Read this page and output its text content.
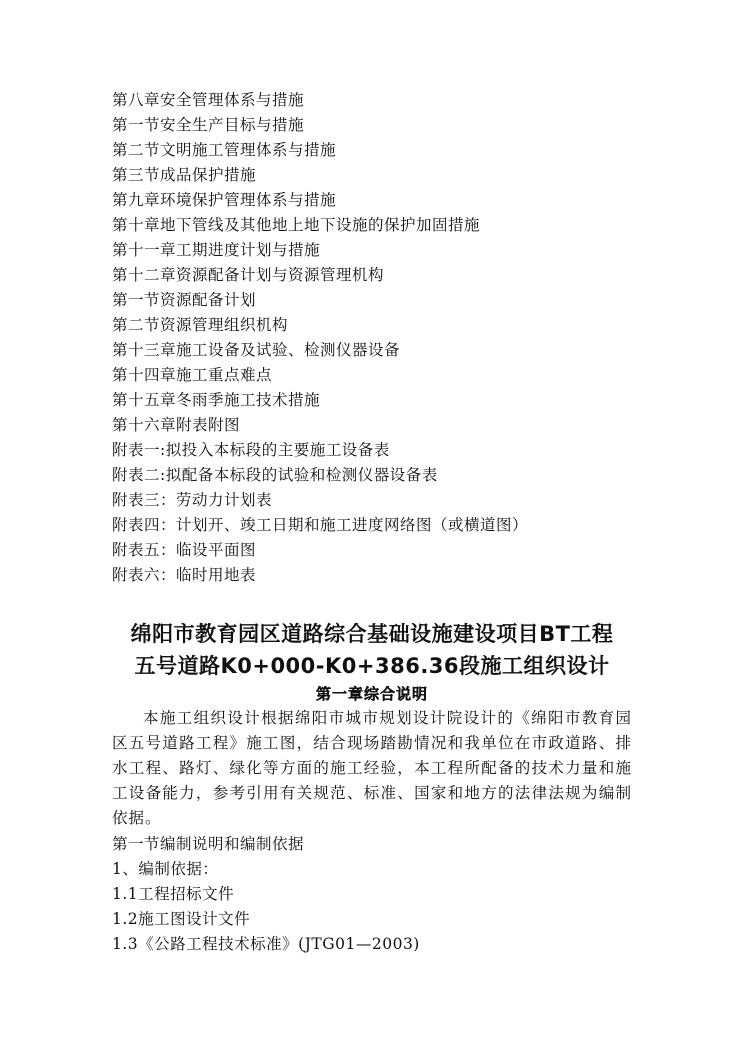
第八章安全管理体系与措施
第一节安全生产目标与措施
第二节文明施工管理体系与措施
第三节成品保护措施
第九章环境保护管理体系与措施
第十章地下管线及其他地上地下设施的保护加固措施
第十一章工期进度计划与措施
第十二章资源配备计划与资源管理机构
第一节资源配备计划
第二节资源管理组织机构
第十三章施工设备及试验、检测仪器设备
第十四章施工重点难点
第十五章冬雨季施工技术措施
第十六章附表附图
附表一:拟投入本标段的主要施工设备表
附表二:拟配备本标段的试验和检测仪器设备表
附表三：劳动力计划表
附表四：计划开、竣工日期和施工进度网络图（或横道图）
附表五：临设平面图
附表六：临时用地表
绵阳市教育园区道路综合基础设施建设项目BT工程
五号道路K0+000-K0+386.36段施工组织设计
第一章综合说明

本施工组织设计根据绵阳市城市规划设计院设计的《绵阳市教育园区五号道路工程》施工图，结合现场踏勘情况和我单位在市政道路、排水工程、路灯、绿化等方面的施工经验，本工程所配备的技术力量和施工设备能力，参考引用有关规范、标准、国家和地方的法律法规为编制依据。

第一节编制说明和编制依据
1、编制依据：
1.1工程招标文件
1.2施工图设计文件
1.3《公路工程技术标准》(JTG01—2003)
